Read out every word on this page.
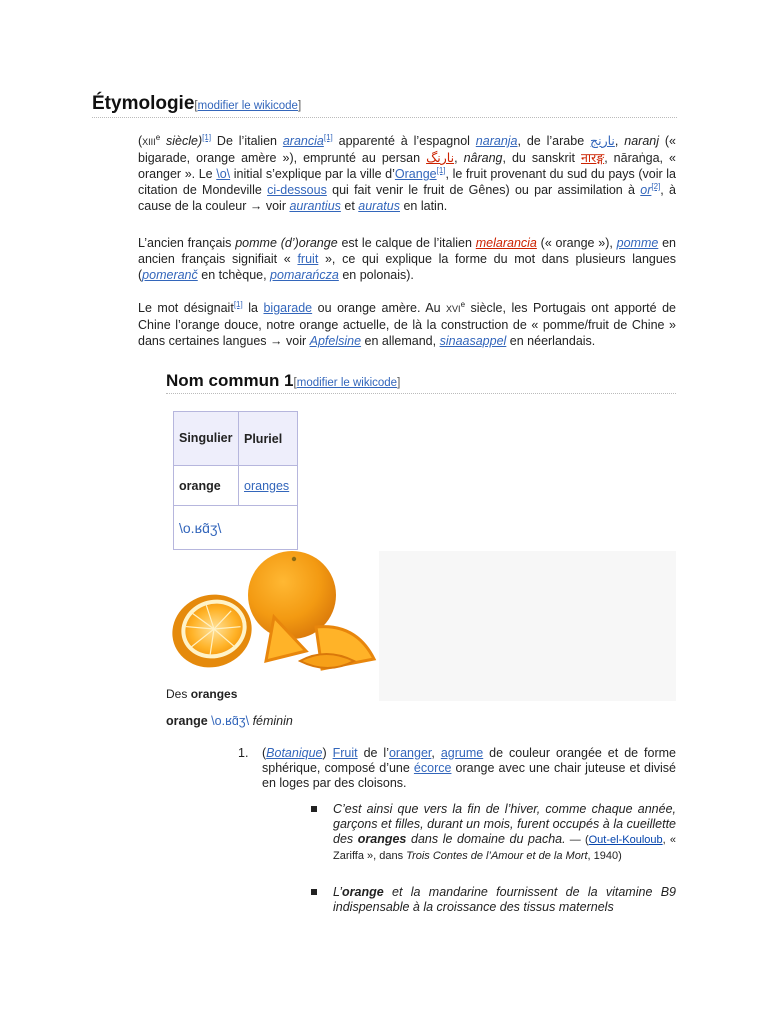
Étymologie[modifier le wikicode]
(XIIIe siècle)[1] De l’italien arancia[1] apparenté à l’espagnol naranja, de l’arabe نارنج, naranj (« bigarade, orange amère »), emprunté au persan نارنگ, nârang, du sanskrit नारङ्ग, nāraṅga, « oranger ». Le \o\ initial s’explique par la ville d’Orange[1], le fruit provenant du sud du pays (voir la citation de Mondeville ci-dessous qui fait venir le fruit de Gênes) ou par assimilation à or[2], à cause de la couleur → voir aurantius et auratus en latin.
L’ancien français pomme (d’)orange est le calque de l’italien melarancia (« orange »), pomme en ancien français signifiait « fruit », ce qui explique la forme du mot dans plusieurs langues (pomeranč en tchèque, pomarańcza en polonais).
Le mot désignait[1] la bigarade ou orange amère. Au XVIe siècle, les Portugais ont apporté de Chine l’orange douce, notre orange actuelle, de là la construction de « pomme/fruit de Chine » dans certaines langues → voir Apfelsine en allemand, sinaasappel en néerlandais.
Nom commun 1[modifier le wikicode]
Singulier	Pluriel
orange	oranges
\o.ʁɑ̃ʒ\	
Des oranges
orange \o.ʁɑ̃ʒ\ féminin
1. (Botanique) Fruit de l’oranger, agrume de couleur orangée et de forme sphérique, composé d’une écorce orange avec une chair juteuse et divisé en loges par des cloisons.
C’est ainsi que vers la fin de l’hiver, comme chaque année, garçons et filles, durant un mois, furent occupés à la cueillette des oranges dans le domaine du pacha. — (Out-el-Kouloub, « Zariffa », dans Trois Contes de l’Amour et de la Mort, 1940)
L’orange et la mandarine fournissent de la vitamine B9 indispensable à la croissance des tissus maternels
